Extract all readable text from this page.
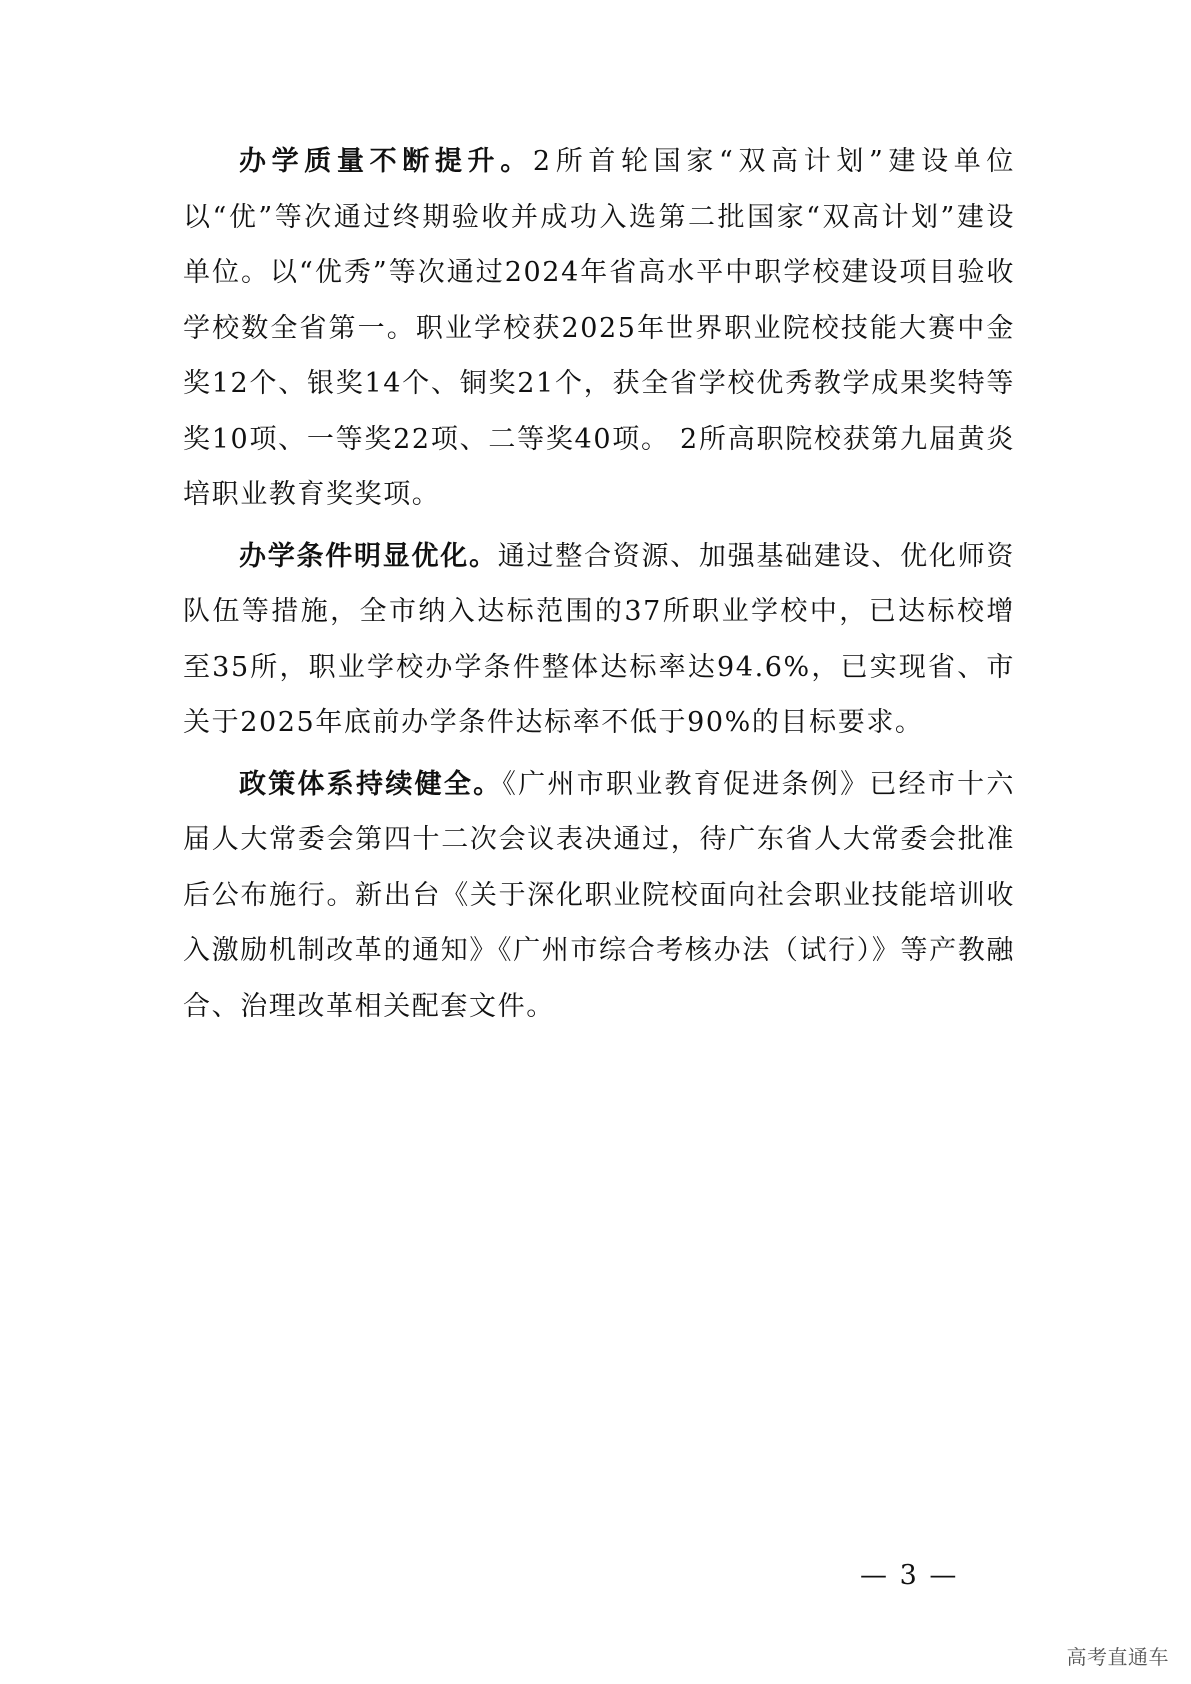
办学质量不断提升。2所首轮国家“双高计划”建设单位以“优”等次通过终期验收并成功入选第二批国家“双高计划”建设单位。以“优秀”等次通过2024年省高水平中职学校建设项目验收学校数全省第一。职业学校获2025年世界职业院校技能大赛中金奖12个、银奖14个、铜奖21个，获全省学校优秀教学成果奖特等奖10项、一等奖22项、二等奖40项。 2所高职院校获第九届黄炎培职业教育奖奖项。

办学条件明显优化。通过整合资源、加强基础建设、优化师资队伍等措施，全市纳入达标范围的37所职业学校中，已达标校增至35所，职业学校办学条件整体达标率达94.6%，已实现省、市关于2025年底前办学条件达标率不低于90%的目标要求。

政策体系持续健全。《广州市职业教育促进条例》已经市十六届人大常委会第四十二次会议表决通过，待广东省人大常委会批准后公布施行。新出台《关于深化职业院校面向社会职业技能培训收入激励机制改革的通知》《广州市综合考核办法（试行）》等产教融合、治理改革相关配套文件。

— 3 —
高考直通车
